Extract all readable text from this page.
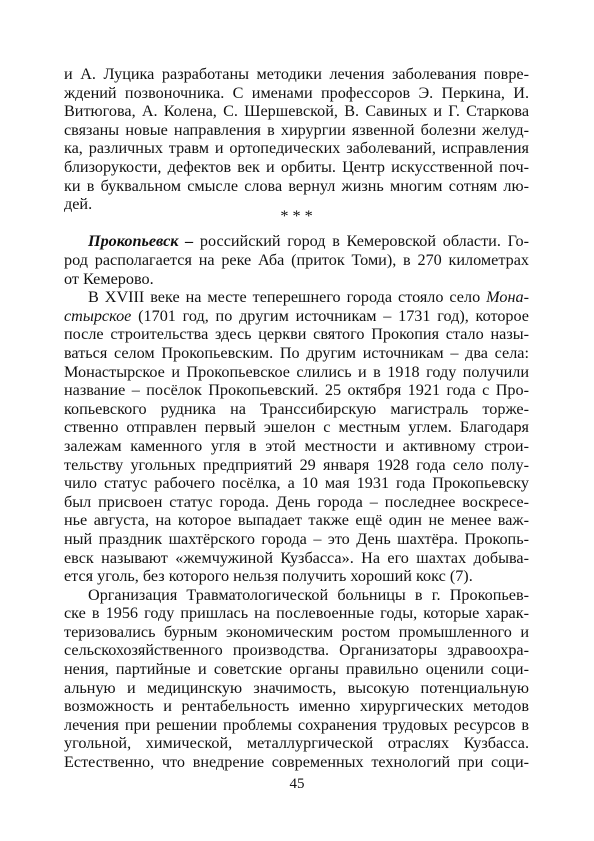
и А. Луцика разработаны методики лечения заболевания повре-
ждений позвоночника. С именами профессоров Э. Перкина, И.
Витюгова, А. Колена, С. Шершевской, В. Савиных и Г. Старкова
связаны новые направления в хирургии язвенной болезни желуд-
ка, различных травм и ортопедических заболеваний, исправления
близорукости, дефектов век и орбиты. Центр искусственной поч-
ки в буквальном смысле слова вернул жизнь многим сотням лю-
дей.
* * *
Прокопьевск – российский город в Кемеровской области. Го-
род располагается на реке Аба (приток Томи), в 270 километрах
от Кемерово.
В XVIII веке на месте теперешнего города стояло село Мона-
стырское (1701 год, по другим источникам – 1731 год), которое
после строительства здесь церкви святого Прокопия стало назы-
ваться селом Прокопьевским. По другим источникам – два села:
Монастырское и Прокопьевское слились и в 1918 году получили
название – посёлок Прокопьевский. 25 октября 1921 года с Про-
копьевского рудника на Транссибирскую магистраль торже-
ственно отправлен первый эшелон с местным углем. Благодаря
залежам каменного угля в этой местности и активному строи-
тельству угольных предприятий 29 января 1928 года село полу-
чило статус рабочего посёлка, а 10 мая 1931 года Прокопьевску
был присвоен статус города. День города – последнее воскресе-
нье августа, на которое выпадает также ещё один не менее важ-
ный праздник шахтёрского города – это День шахтёра. Прокопь-
евск называют «жемчужиной Кузбасса». На его шахтах добыва-
ется уголь, без которого нельзя получить хороший кокс (7).
Организация Травматологической больницы в г. Прокопьев-
ске в 1956 году пришлась на послевоенные годы, которые харак-
теризовались бурным экономическим ростом промышленного и
сельскохозяйственного производства. Организаторы здравоохра-
нения, партийные и советские органы правильно оценили соци-
альную и медицинскую значимость, высокую потенциальную
возможность и рентабельность именно хирургических методов
лечения при решении проблемы сохранения трудовых ресурсов в
угольной, химической, металлургической отраслях Кузбасса.
Естественно, что внедрение современных технологий при соци-
45
